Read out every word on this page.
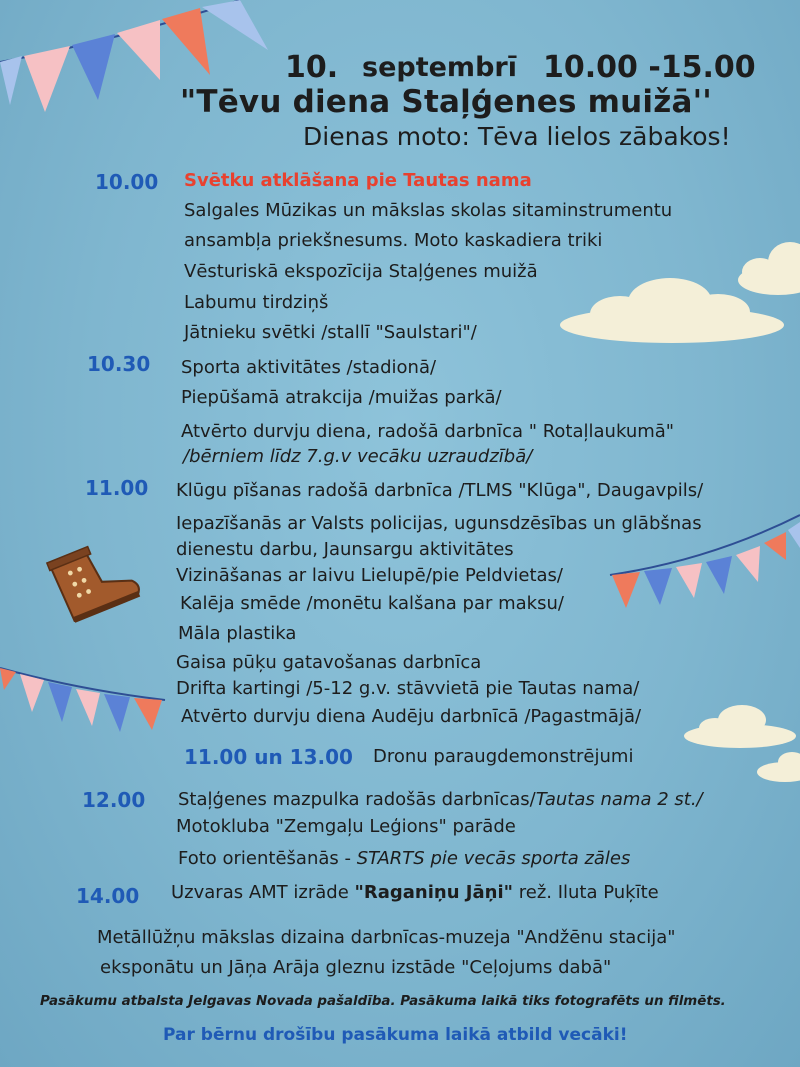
10. septembrī 10.00 -15.00
"Tēvu diena Staļģenes muižā''
Dienas moto: Tēva lielos zābakos!
10.00 Svētku atklāšana pie Tautas nama
Salgales Mūzikas un mākslas skolas sitaminstrumentu
ansambļa priekšnesums. Moto kaskadiera triki
Vēsturiskā ekspozīcija Staļģenes muižā
Labumu tirdziņš
Jātnieku svētki /stallī "Saulstari"/
10.30 Sporta aktivitātes /stadionā/
Piepūšamā atrakcija /muižas parkā/
Atvērto durvju diena, radošā darbnīca " Rotaļlaukumā"
/bērniem līdz 7.g.v vecāku uzraudzībā/
11.00 Klūgu pīšanas radošā darbnīca /TLMS "Klūga", Daugavpils/
Iepazīšanās ar Valsts policijas, ugunsdzēsības un glābšnas
dienestu darbu, Jaunsargu aktivitātes
Vizināšanas ar laivu Lielupē/pie Peldvietas/
Kalēja smēde /monētu kalšana par maksu/
Māla plastika
Gaisa pūķu gatavošanas darbnīca
Drifta kartingi /5-12 g.v. stāvvietā pie Tautas nama/
Atvērto durvju diena Audēju darbnīcā /Pagastmājā/
11.00 un 13.00 Dronu paraugdemonstrējumi
12.00 Staļģenes mazpulka radošās darbnīcas/Tautas nama 2 st./
Motokluba "Zemgaļu Leģions" parāde
Foto orientēšanās - STARTS pie vecās sporta zāles
14.00 Uzvaras AMT izrāde "Raganiņu Jāņi" rež. Iluta Puķīte
Metāllūžņu mākslas dizaina darbnīcas-muzeja "Andžēnu stacija"
eksponātu un Jāņa Arāja gleznu izstāde "Ceļojums dabā"
Pasākumu atbalsta Jelgavas Novada pašaldība. Pasākuma laikā tiks fotografēts un filmēts.
Par bērnu drošību pasākuma laikā atbild vecāki!
